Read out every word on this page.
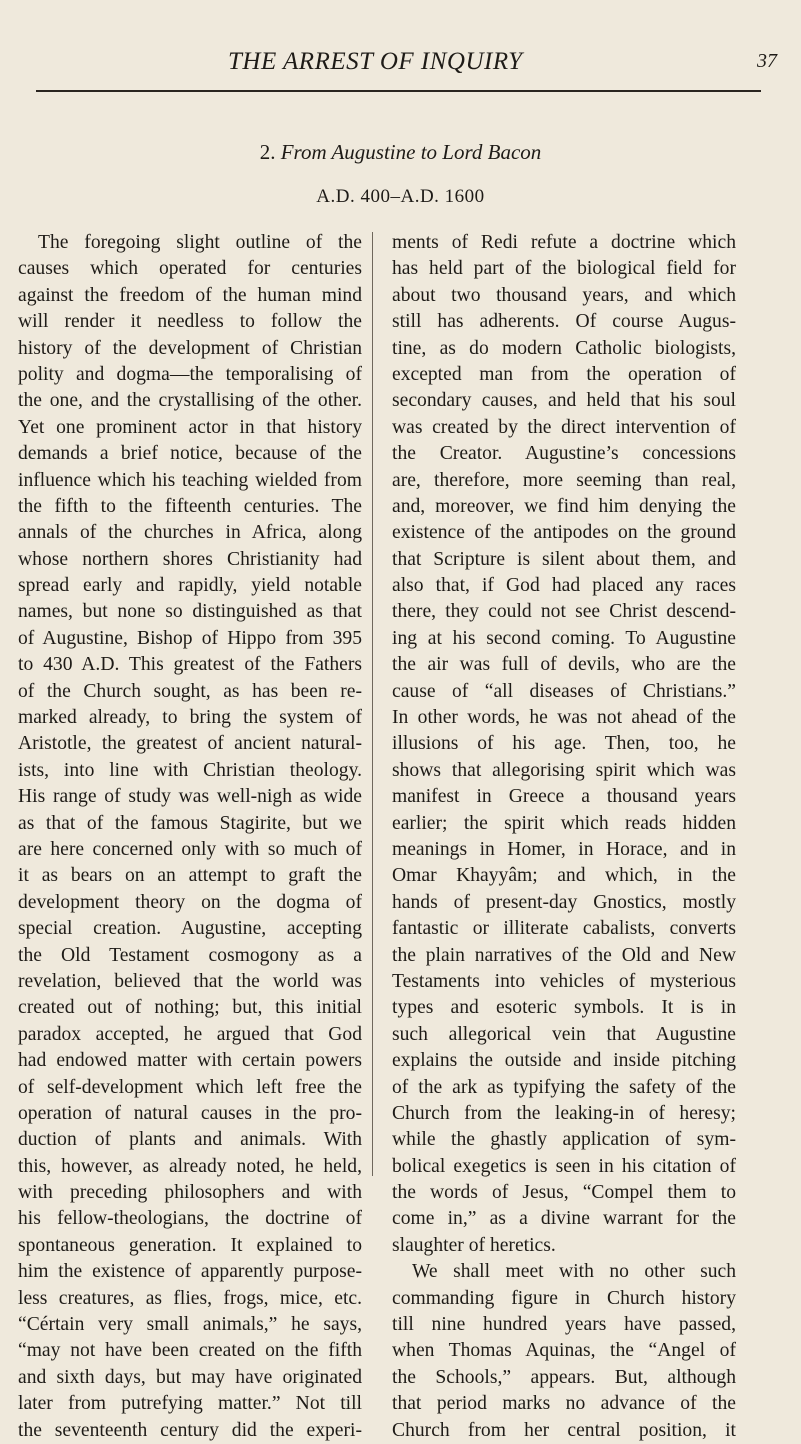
THE ARREST OF INQUIRY	37
2. From Augustine to Lord Bacon
A.D. 400–A.D. 1600
The foregoing slight outline of the
causes which operated for centuries
against the freedom of the human mind
will render it needless to follow the
history of the development of Christian
polity and dogma—the temporalising of
the one, and the crystallising of the other.
Yet one prominent actor in that history
demands a brief notice, because of the
influence which his teaching wielded from
the fifth to the fifteenth centuries. The
annals of the churches in Africa, along
whose northern shores Christianity had
spread early and rapidly, yield notable
names, but none so distinguished as that
of Augustine, Bishop of Hippo from 395
to 430 A.D. This greatest of the Fathers
of the Church sought, as has been re-
marked already, to bring the system of
Aristotle, the greatest of ancient natural-
ists, into line with Christian theology.
His range of study was well-nigh as wide
as that of the famous Stagirite, but we
are here concerned only with so much of
it as bears on an attempt to graft the
development theory on the dogma of
special creation. Augustine, accepting
the Old Testament cosmogony as a
revelation, believed that the world was
created out of nothing; but, this initial
paradox accepted, he argued that God
had endowed matter with certain powers
of self-development which left free the
operation of natural causes in the pro-
duction of plants and animals. With
this, however, as already noted, he held,
with preceding philosophers and with
his fellow-theologians, the doctrine of
spontaneous generation. It explained to
him the existence of apparently purpose-
less creatures, as flies, frogs, mice, etc.
“Cértain very small animals,” he says,
“may not have been created on the fifth
and sixth days, but may have originated
later from putrefying matter.” Not till
the seventeenth century did the experi-
ments of Redi refute a doctrine which
has held part of the biological field for
about two thousand years, and which
still has adherents. Of course Augus-
tine, as do modern Catholic biologists,
excepted man from the operation of
secondary causes, and held that his soul
was created by the direct intervention of
the Creator. Augustine’s concessions
are, therefore, more seeming than real,
and, moreover, we find him denying the
existence of the antipodes on the ground
that Scripture is silent about them, and
also that, if God had placed any races
there, they could not see Christ descend-
ing at his second coming. To Augustine
the air was full of devils, who are the
cause of “all diseases of Christians.”
In other words, he was not ahead of the
illusions of his age. Then, too, he
shows that allegorising spirit which was
manifest in Greece a thousand years
earlier; the spirit which reads hidden
meanings in Homer, in Horace, and in
Omar Khayyâm; and which, in the
hands of present-day Gnostics, mostly
fantastic or illiterate cabalists, converts
the plain narratives of the Old and New
Testaments into vehicles of mysterious
types and esoteric symbols. It is in
such allegorical vein that Augustine
explains the outside and inside pitching
of the ark as typifying the safety of the
Church from the leaking-in of heresy;
while the ghastly application of sym-
bolical exegetics is seen in his citation of
the words of Jesus, “Compel them to
come in,” as a divine warrant for the
slaughter of heretics.
We shall meet with no other such
commanding figure in Church history
till nine hundred years have passed,
when Thomas Aquinas, the “Angel of
the Schools,” appears. But, although
that period marks no advance of the
Church from her central position, it
